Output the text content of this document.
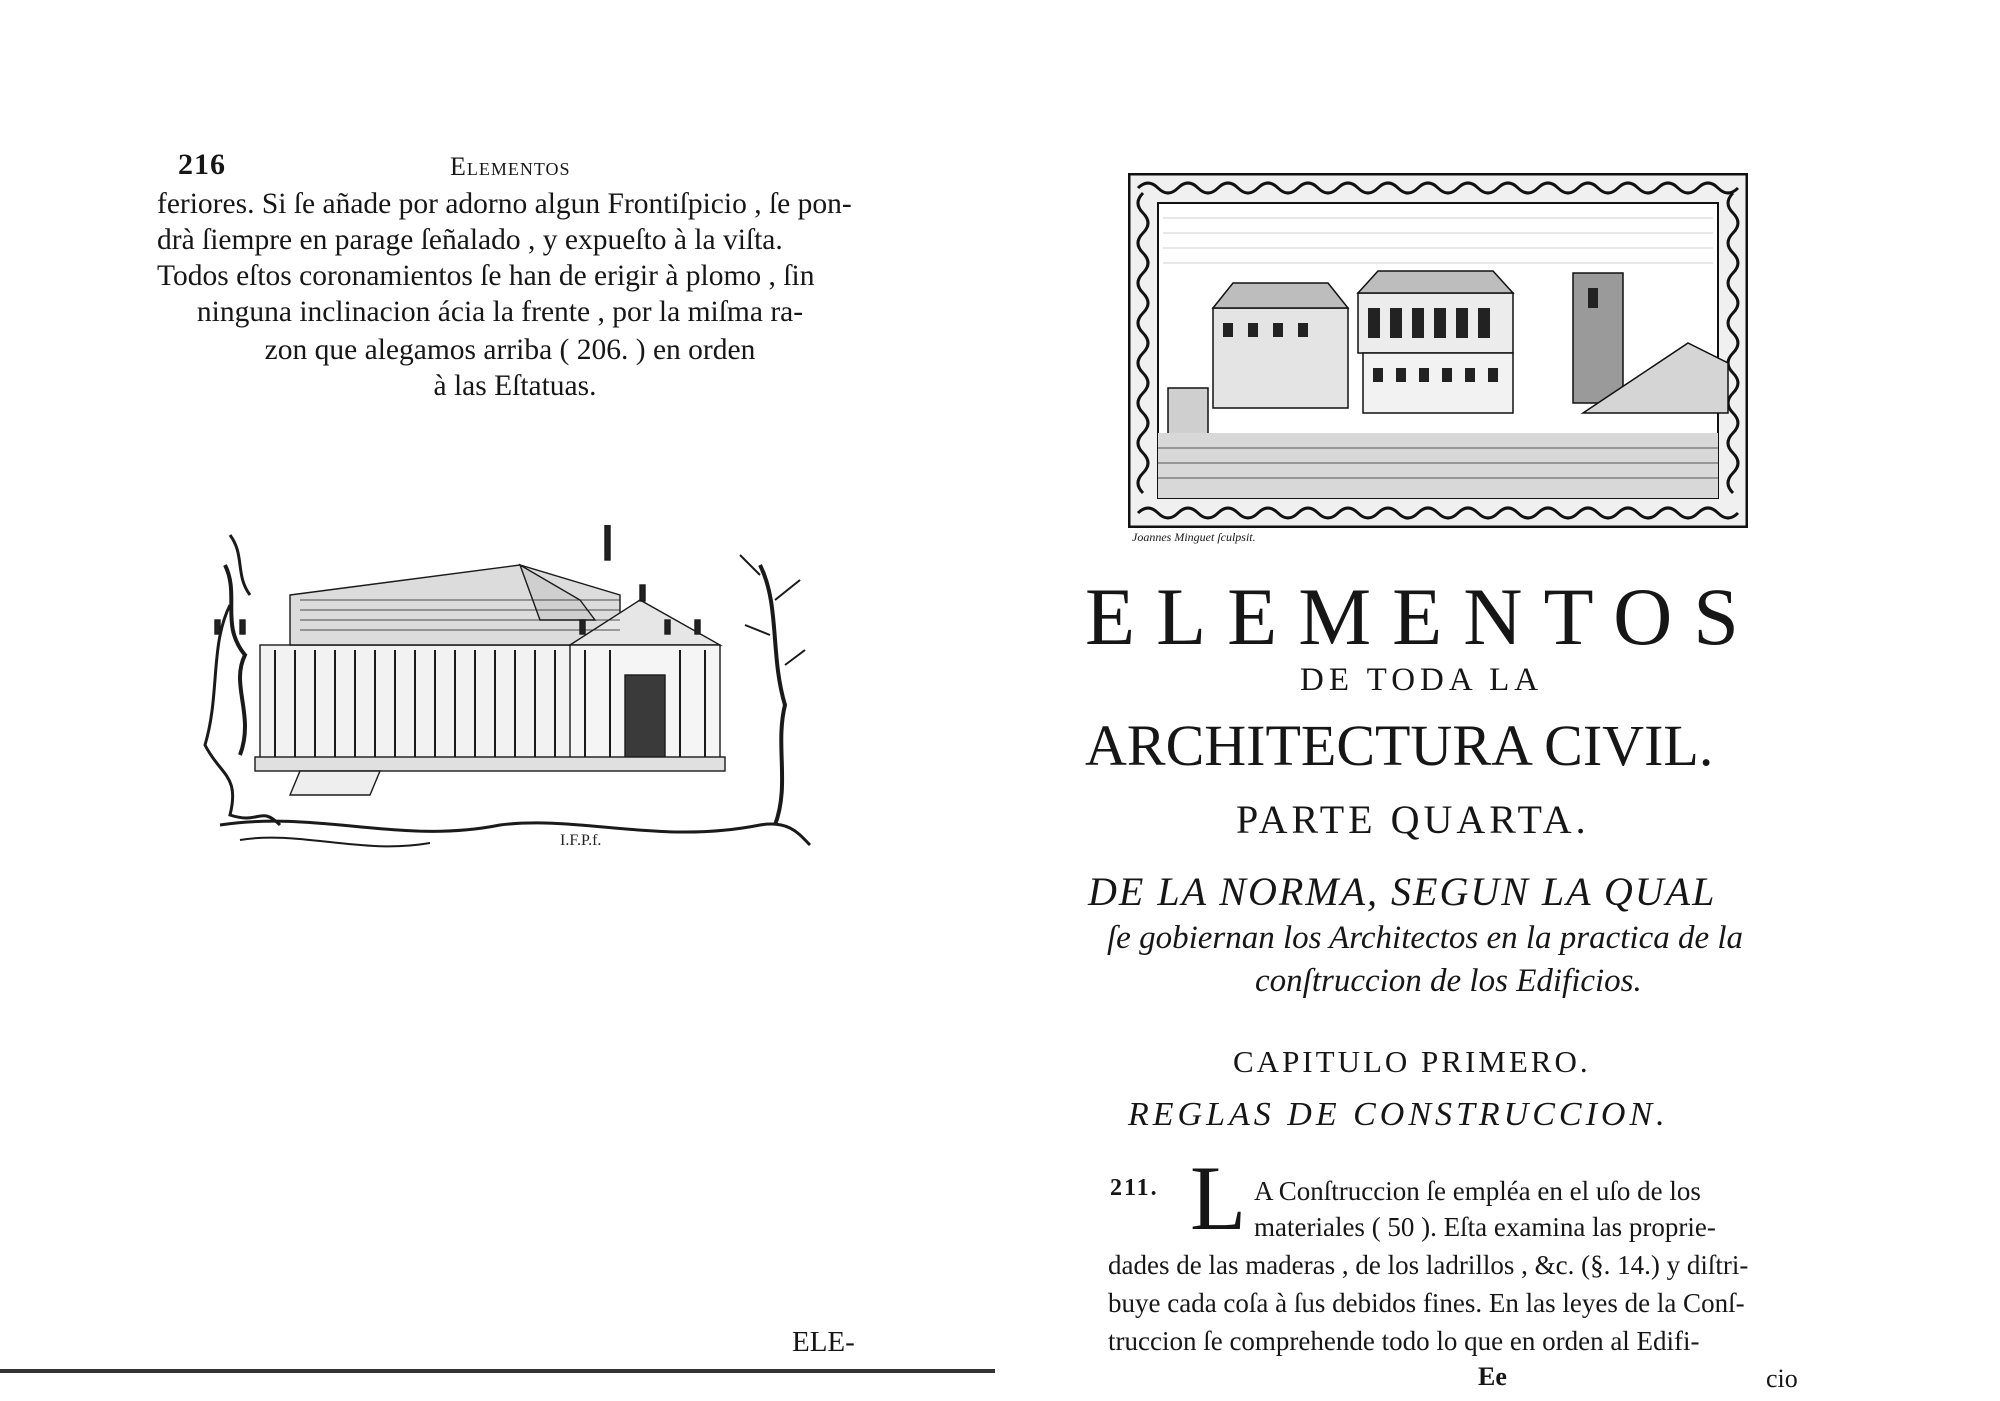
216	Elementos
feriores. Si ſe añade por adorno algun Frontiſpicio , ſe pon-
drà ſiempre en parage ſeñalado , y expueſto à la viſta.
Todos eſtos coronamientos ſe han de erigir à plomo , ſin
ninguna inclinacion ácia la frente , por la miſma ra-
zon que alegamos arriba ( 206. ) en orden
à las Eſtatuas.
I.F.P.f.
ELE-
Joannes Minguet ſculpsit.
ELEMENTOS
DE TODA LA
ARCHITECTURA CIVIL.
PARTE QUARTA.
DE LA NORMA, SEGUN LA QUAL
ſe gobiernan los Architectos en la practica de la
conſtruccion de los Edificios.
CAPITULO PRIMERO.
REGLAS DE CONSTRUCCION.
211. L A Conſtruccion ſe empléa en el uſo de los
materiales ( 50 ). Eſta examina las proprie-
dades de las maderas , de los ladrillos , &c. (§. 14.) y diſtri-
buye cada coſa à ſus debidos fines. En las leyes de la Conſ-
truccion ſe comprehende todo lo que en orden al Edifi-
Ee	cio
